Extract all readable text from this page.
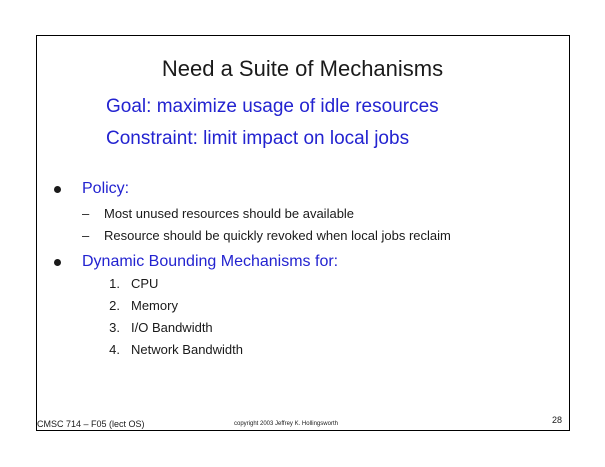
Need a Suite of Mechanisms
Goal: maximize usage of idle resources
Constraint: limit impact on local jobs
Policy:
– Most unused resources should be available
– Resource should be quickly revoked when local jobs reclaim
Dynamic Bounding Mechanisms for:
1. CPU
2. Memory
3. I/O Bandwidth
4. Network Bandwidth
CMSC 714 – F05 (lect OS)	copyright 2003 Jeffrey K. Hollingsworth	28
